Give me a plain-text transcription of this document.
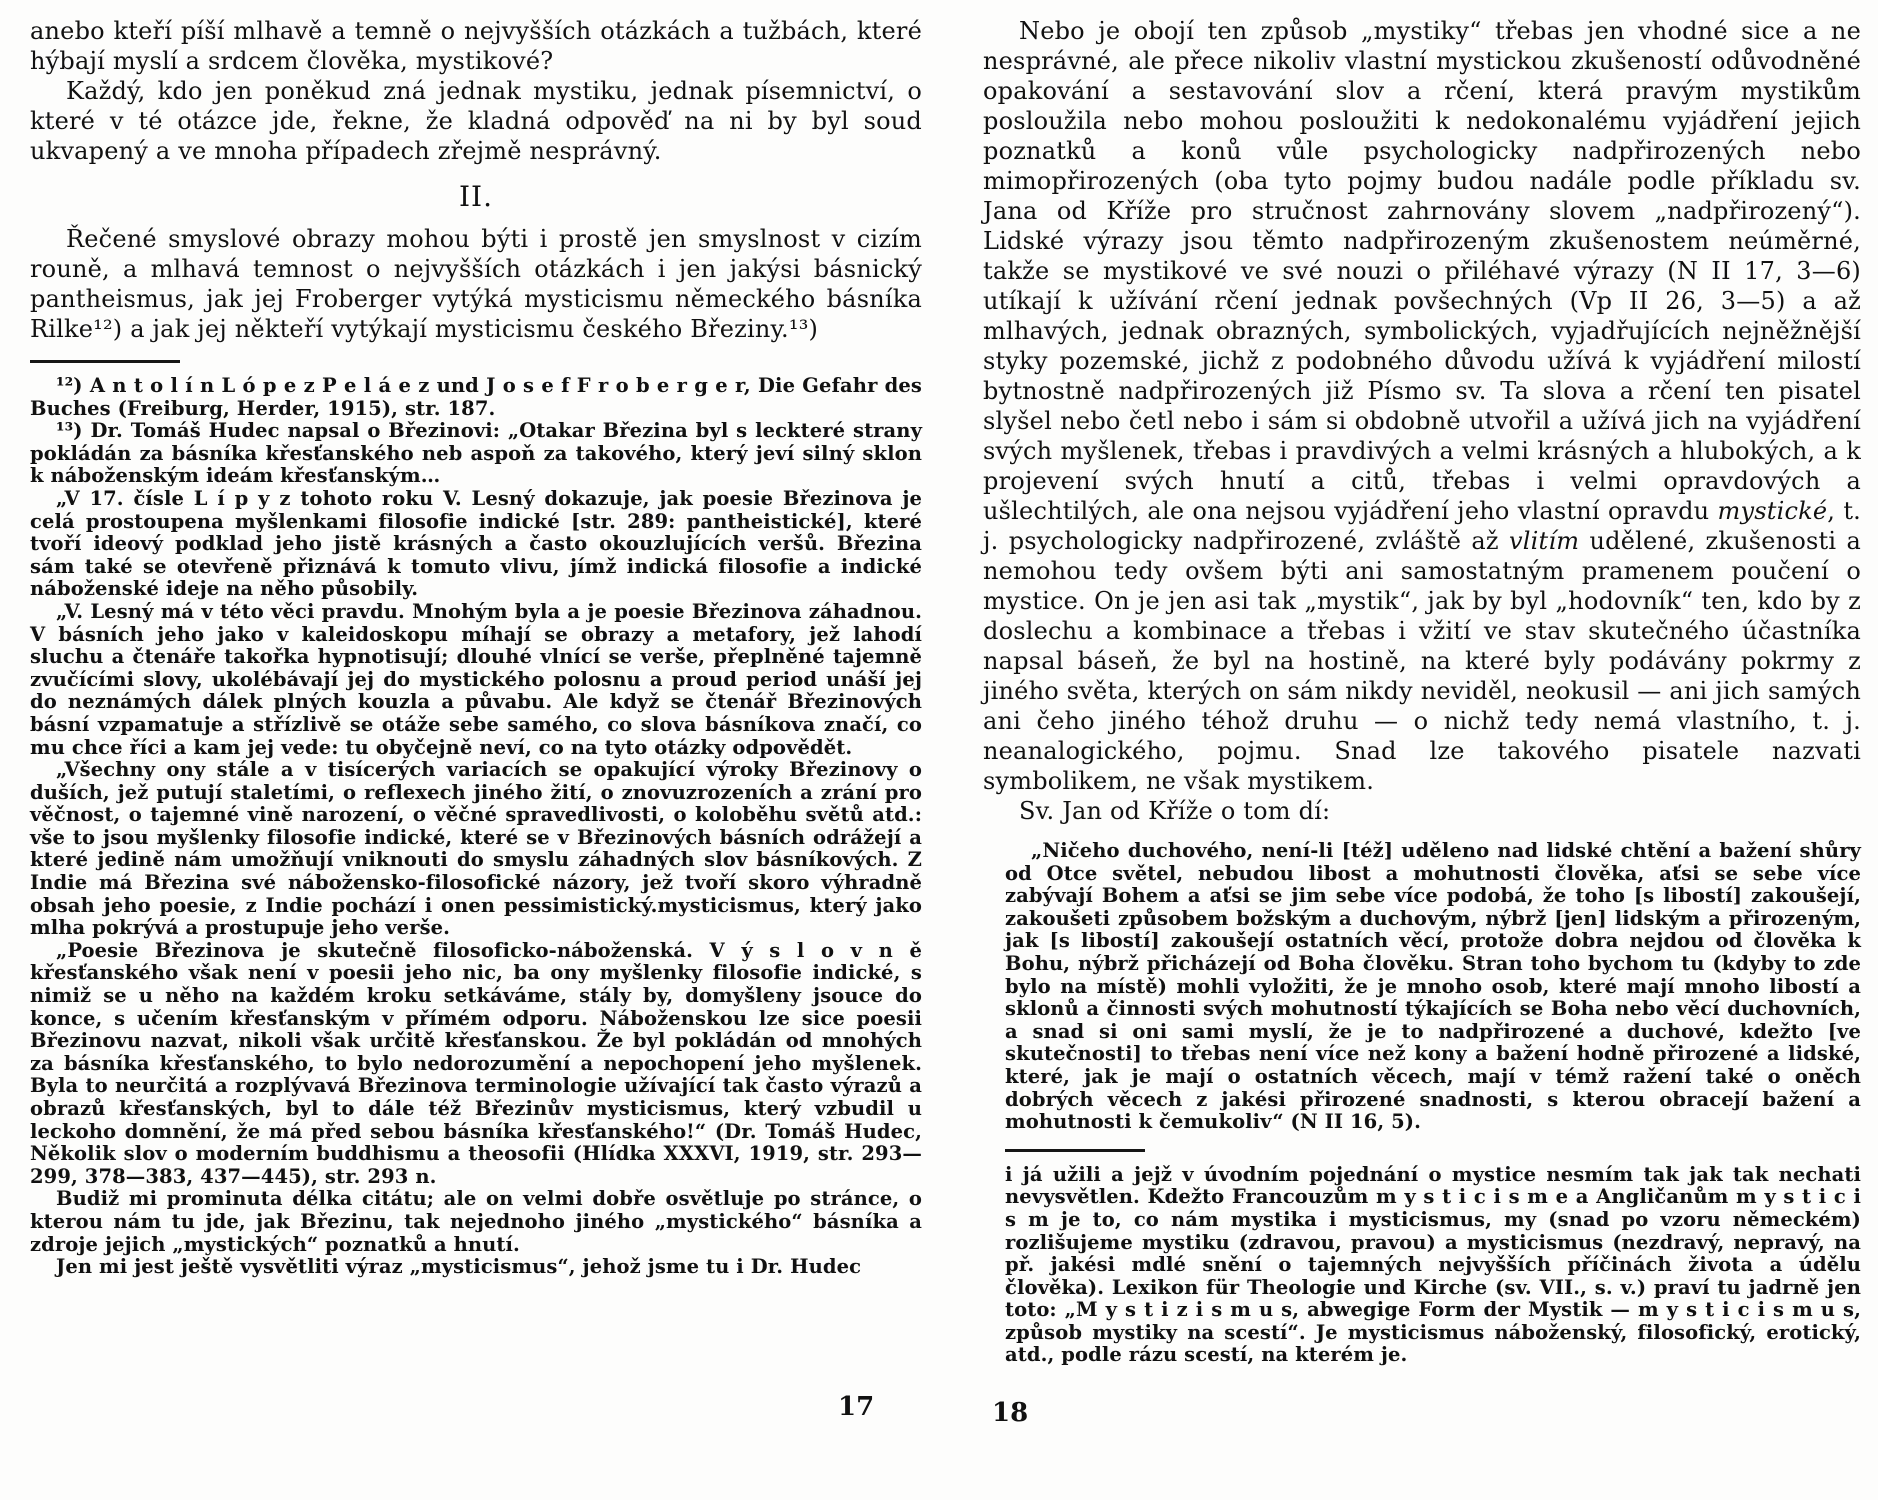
anebo kteří píší mlhavě a temně o nejvyšších otázkách a tužbách, které hýbají myslí a srdcem člověka, mystikové?

Každý, kdo jen poněkud zná jednak mystiku, jednak písemnictví, o které v té otázce jde, řekne, že kladná odpověď na ni by byl soud ukvapený a ve mnoha případech zřejmě nesprávný.

II.

Řečené smyslové obrazy mohou býti i prostě jen smyslnost v cizím rouně, a mlhavá temnost o nejvyšších otázkách i jen jakýsi básnický pantheismus, jak jej Froberger vytýká mysticismu německého básníka Rilke¹²) a jak jej někteří vytýkají mysticismu českého Březiny.¹³)

¹²) A n t o l í n L ó p e z P e l á e z und J o s e f F r o b e r g e r, Die Gefahr des Buches (Freiburg, Herder, 1915), str. 187.

¹³) Dr. Tomáš Hudec napsal o Březinovi: „Otakar Březina byl s leckteré strany pokládán za básníka křesťanského neb aspoň za takového, který jeví silný sklon k náboženským ideám křesťanským…

„V 17. čísle L í p y z tohoto roku V. Lesný dokazuje, jak poesie Březinova je celá prostoupena myšlenkami filosofie indické [str. 289: pantheistické], které tvoří ideový podklad jeho jistě krásných a často okouzlujících veršů. Březina sám také se otevřeně přiznává k tomuto vlivu, jímž indická filosofie a indické náboženské ideje na něho působily.

„V. Lesný má v této věci pravdu. Mnohým byla a je poesie Březinova záhadnou. V básních jeho jako v kaleidoskopu míhají se obrazy a metafory, jež lahodí sluchu a čtenáře takořka hypnotisují; dlouhé vlnící se verše, přeplněné tajemně zvučícími slovy, ukolébávají jej do mystického polosnu a proud period unáší jej do neznámých dálek plných kouzla a půvabu. Ale když se čtenář Březinových básní vzpamatuje a střízlivě se otáže sebe samého, co slova básníkova značí, co mu chce říci a kam jej vede: tu obyčejně neví, co na tyto otázky odpovědět.

„Všechny ony stále a v tisícerých variacích se opakující výroky Březinovy o duších, jež putují staletími, o reflexech jiného žití, o znovuzrozeních a zrání pro věčnost, o tajemné vině narození, o věčné spravedlivosti, o koloběhu světů atd.: vše to jsou myšlenky filosofie indické, které se v Březinových básních odrážejí a které jedině nám umožňují vniknouti do smyslu záhadných slov básníkových. Z Indie má Březina své nábožensko-filosofické názory, jež tvoří skoro výhradně obsah jeho poesie, z Indie pochází i onen pessimistický.mysticismus, který jako mlha pokrývá a prostupuje jeho verše.

„Poesie Březinova je skutečně filosoficko-náboženská. V ý s l o v n ě křesťanského však není v poesii jeho nic, ba ony myšlenky filosofie indické, s nimiž se u něho na každém kroku setkáváme, stály by, domyšleny jsouce do konce, s učením křesťanským v přímém odporu. Náboženskou lze sice poesii Březinovu nazvat, nikoli však určitě křesťanskou. Že byl pokládán od mnohých za básníka křesťanského, to bylo nedorozumění a nepochopení jeho myšlenek. Byla to neurčitá a rozplývavá Březinova terminologie užívající tak často výrazů a obrazů křesťanských, byl to dále též Březinův mysticismus, který vzbudil u leckoho domnění, že má před sebou básníka křesťanského!“ (Dr. Tomáš Hudec, Několik slov o moderním buddhismu a theosofii (Hlídka XXXVI, 1919, str. 293—299, 378—383, 437—445), str. 293 n.

Budiž mi prominuta délka citátu; ale on velmi dobře osvětluje po stránce, o kterou nám tu jde, jak Březinu, tak nejednoho jiného „mystického“ básníka a zdroje jejich „mystických“ poznatků a hnutí.

Jen mi jest ještě vysvětliti výraz „mysticismus“, jehož jsme tu i Dr. Hudec

Nebo je obojí ten způsob „mystiky“ třebas jen vhodné sice a ne nesprávné, ale přece nikoliv vlastní mystickou zkušeností odůvodněné opakování a sestavování slov a rčení, která pravým mystikům posloužila nebo mohou posloužiti k nedokonalému vyjádření jejich poznatků a konů vůle psychologicky nadpřirozených nebo mimopřirozených (oba tyto pojmy budou nadále podle příkladu sv. Jana od Kříže pro stručnost zahrnovány slovem „nadpřirozený“). Lidské výrazy jsou těmto nadpřirozeným zkušenostem neúměrné, takže se mystikové ve své nouzi o přiléhavé výrazy (N II 17, 3—6) utíkají k užívání rčení jednak povšechných (Vp II 26, 3—5) a až mlhavých, jednak obrazných, symbolických, vyjadřujících nejněžnější styky pozemské, jichž z podobného důvodu užívá k vyjádření milostí bytnostně nadpřirozených již Písmo sv. Ta slova a rčení ten pisatel slyšel nebo četl nebo i sám si obdobně utvořil a užívá jich na vyjádření svých myšlenek, třebas i pravdivých a velmi krásných a hlubokých, a k projevení svých hnutí a citů, třebas i velmi opravdových a ušlechtilých, ale ona nejsou vyjádření jeho vlastní opravdu mystické, t. j. psychologicky nadpřirozené, zvláště až vlitím udělené, zkušenosti a nemohou tedy ovšem býti ani samostatným pramenem poučení o mystice. On je jen asi tak „mystik“, jak by byl „hodovník“ ten, kdo by z doslechu a kombinace a třebas i vžití ve stav skutečného účastníka napsal báseň, že byl na hostině, na které byly podávány pokrmy z jiného světa, kterých on sám nikdy neviděl, neokusil — ani jich samých ani čeho jiného téhož druhu — o nichž tedy nemá vlastního, t. j. neanalogického, pojmu. Snad lze takového pisatele nazvati symbolikem, ne však mystikem.

Sv. Jan od Kříže o tom dí:

„Ničeho duchového, není-li [též] uděleno nad lidské chtění a bažení shůry od Otce světel, nebudou libost a mohutnosti člověka, aťsi se sebe více zabývají Bohem a aťsi se jim sebe více podobá, že toho [s libostí] zakoušejí, zakoušeti způsobem božským a duchovým, nýbrž [jen] lidským a přirozeným, jak [s libostí] zakoušejí ostatních věcí, protože dobra nejdou od člověka k Bohu, nýbrž přicházejí od Boha člověku. Stran toho bychom tu (kdyby to zde bylo na místě) mohli vyložiti, že je mnoho osob, které mají mnoho libostí a sklonů a činnosti svých mohutností týkajících se Boha nebo věcí duchovních, a snad si oni sami myslí, že je to nadpřirozené a duchové, kdežto [ve skutečnosti] to třebas není více než kony a bažení hodně přirozené a lidské, které, jak je mají o ostatních věcech, mají v témž ražení také o oněch dobrých věcech z jakési přirozené snadnosti, s kterou obracejí bažení a mohutnosti k čemukoliv“ (N II 16, 5).

i já užili a jejž v úvodním pojednání o mystice nesmím tak jak tak nechati nevysvětlen. Kdežto Francouzům m y s t i c i s m e a Angličanům m y s t i c i s m je to, co nám mystika i mysticismus, my (snad po vzoru německém) rozlišujeme mystiku (zdravou, pravou) a mysticismus (nezdravý, nepravý, na př. jakési mdlé snění o tajemných nejvyšších příčinách života a údělu člověka). Lexikon für Theologie und Kirche (sv. VII., s. v.) praví tu jadrně jen toto: „M y s t i z i s m u s, abwegige Form der Mystik — m y s t i c i s m u s, způsob mystiky na scestí“. Je mysticismus náboženský, filosofický, erotický, atd., podle rázu scestí, na kterém je.

17	18
